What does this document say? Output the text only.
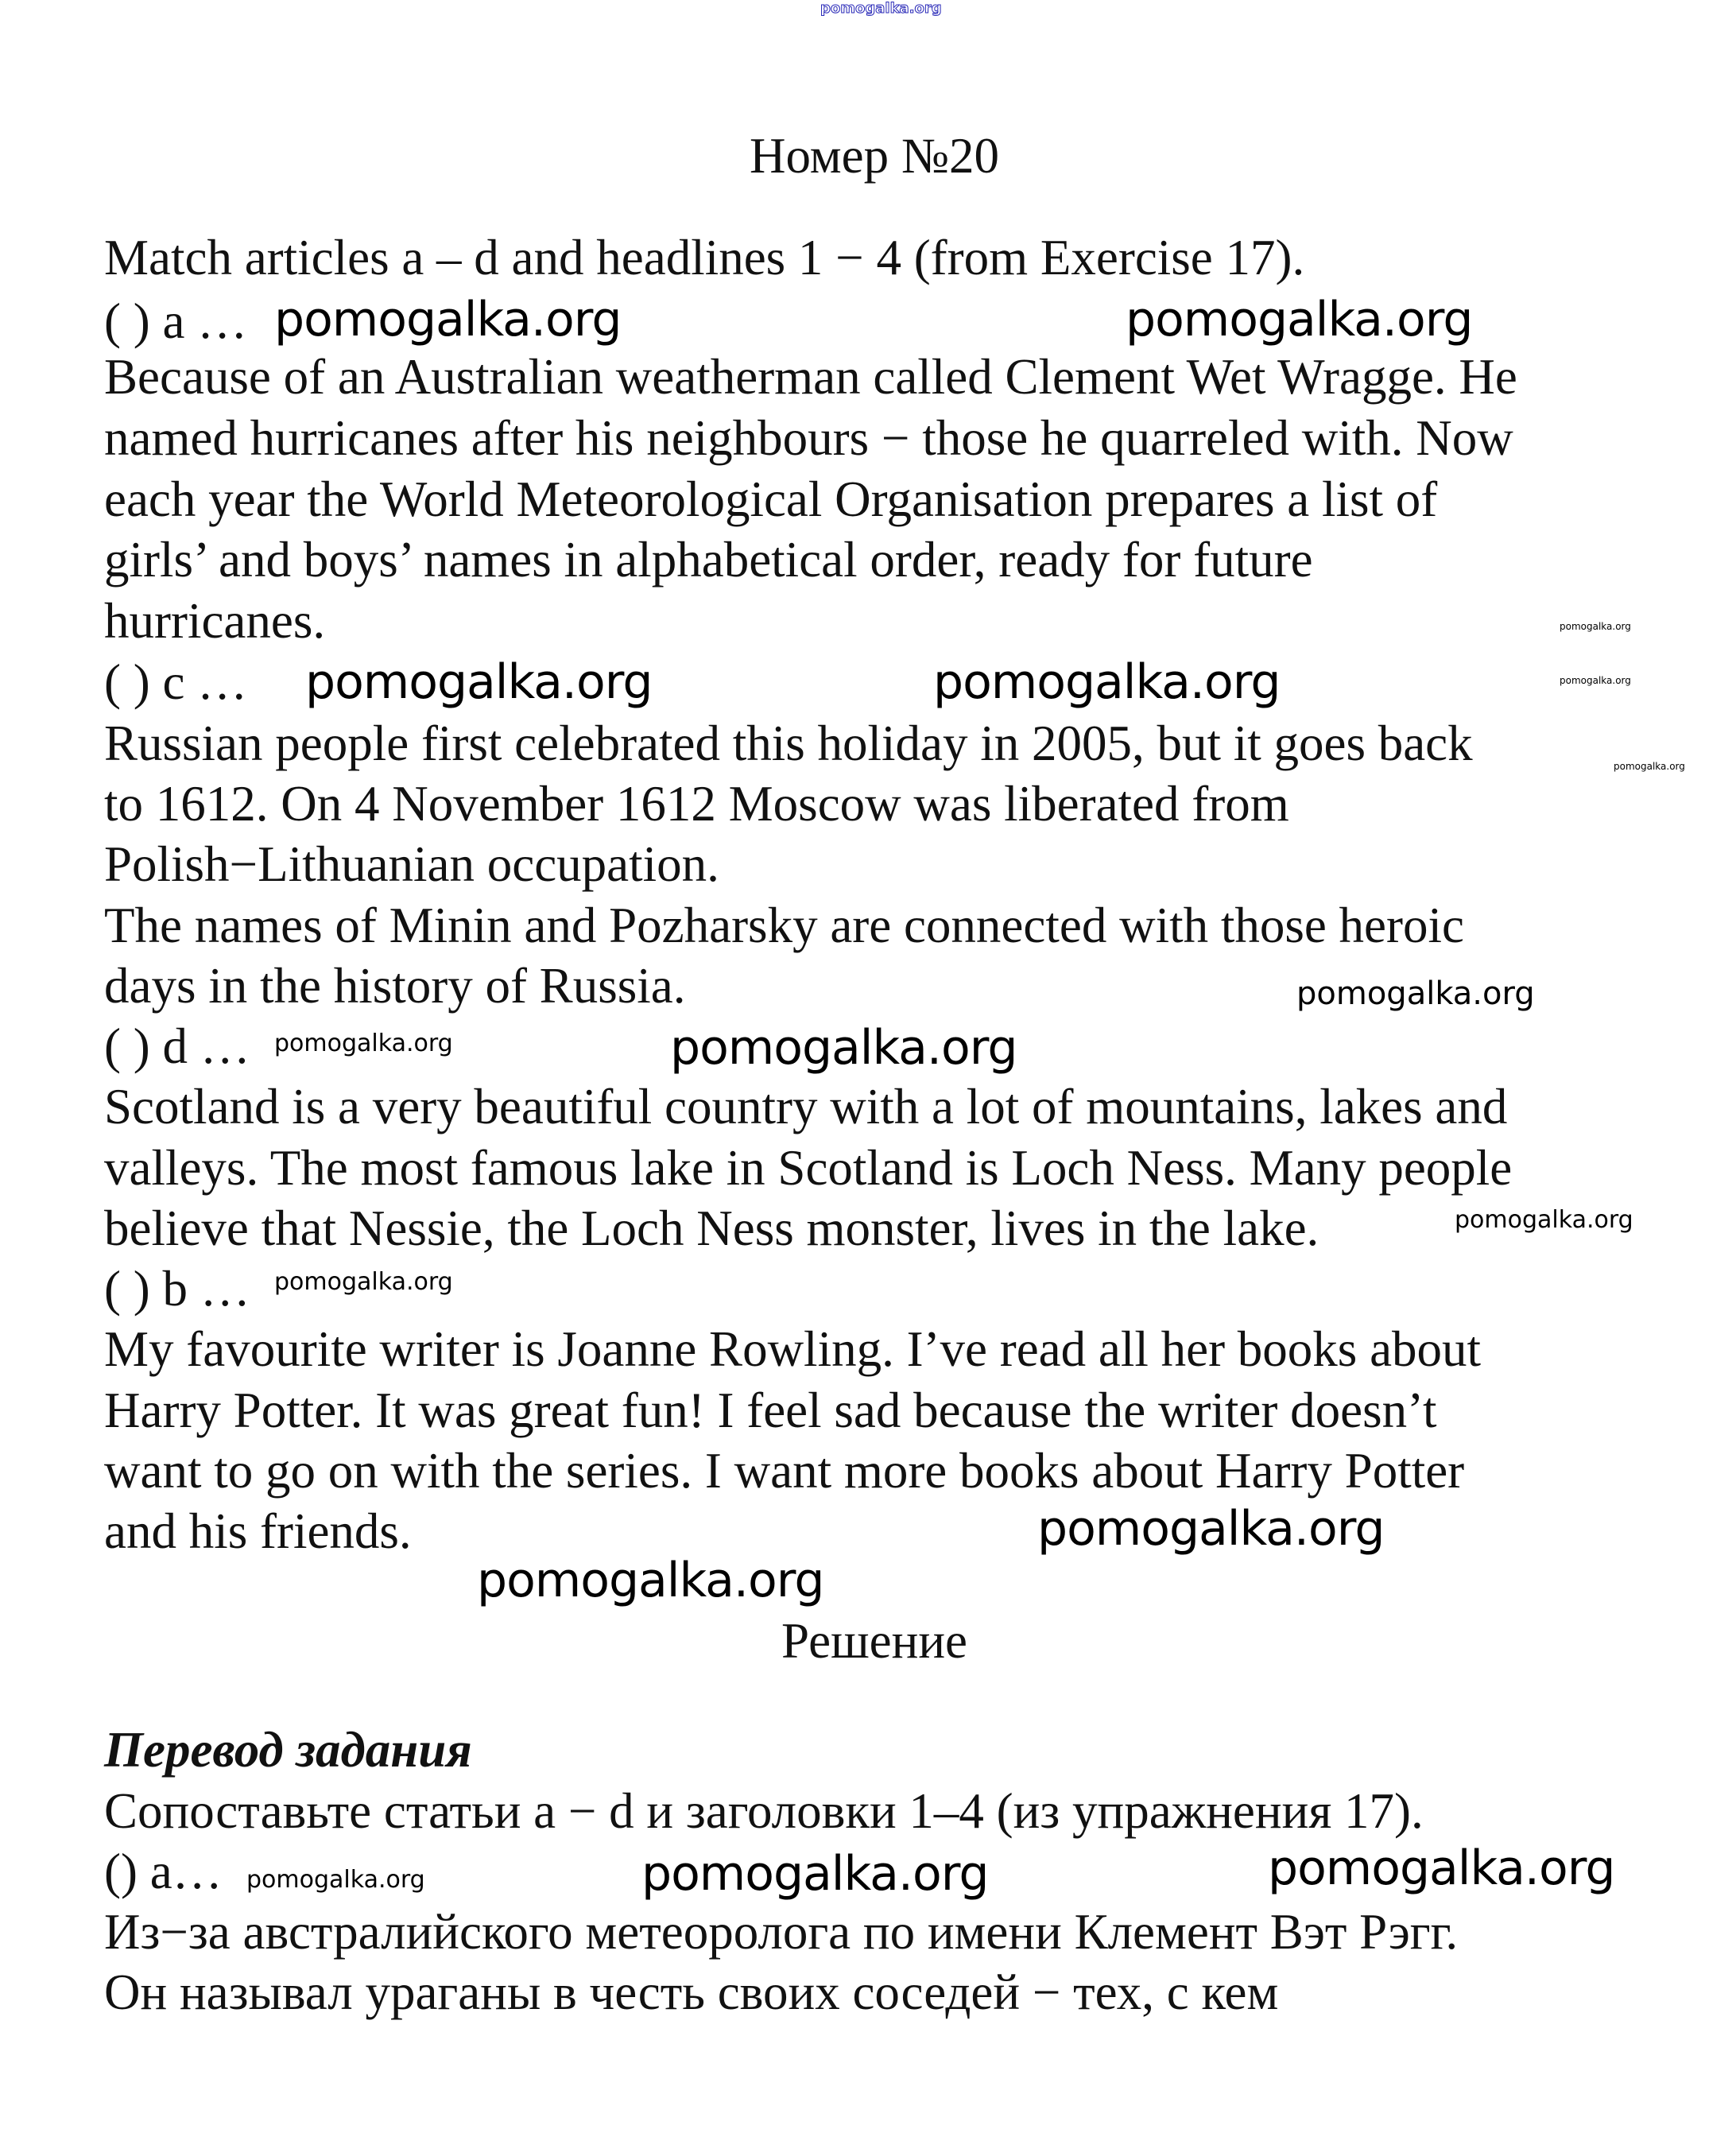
pomogalka.org
Номер №20
Match articles a – d and headlines 1 − 4 (from Exercise 17).
( ) a …
Because of an Australian weatherman called Clement Wet Wragge. He
named hurricanes after his neighbours − those he quarreled with. Now
each year the World Meteorological Organisation prepares a list of
girls’ and boys’ names in alphabetical order, ready for future
hurricanes.
( ) c …
Russian people first celebrated this holiday in 2005, but it goes back
to 1612. On 4 November 1612 Moscow was liberated from
Polish−Lithuanian occupation.
The names of Minin and Pozharsky are connected with those heroic
days in the history of Russia.
( ) d …
Scotland is a very beautiful country with a lot of mountains, lakes and
valleys. The most famous lake in Scotland is Loch Ness. Many people
believe that Nessie, the Loch Ness monster, lives in the lake.
( ) b …
My favourite writer is Joanne Rowling. I’ve read all her books about
Harry Potter. It was great fun! I feel sad because the writer doesn’t
want to go on with the series. I want more books about Harry Potter
and his friends.
Решение
Перевод задания
Сопоставьте статьи a − d и заголовки 1–4 (из упражнения 17).
() a…
Из−за австралийского метеоролога по имени Клемент Вэт Рэгг.
Он называл ураганы в честь своих соседей − тех, с кем
pomogalka.org	pomogalka.org
pomogalka.org
pomogalka.org
pomogalka.org
pomogalka.org	pomogalka.org
pomogalka.org
pomogalka.org	pomogalka.org
pomogalka.org
pomogalka.org
pomogalka.org
pomogalka.org
pomogalka.org
pomogalka.org	pomogalka.org
